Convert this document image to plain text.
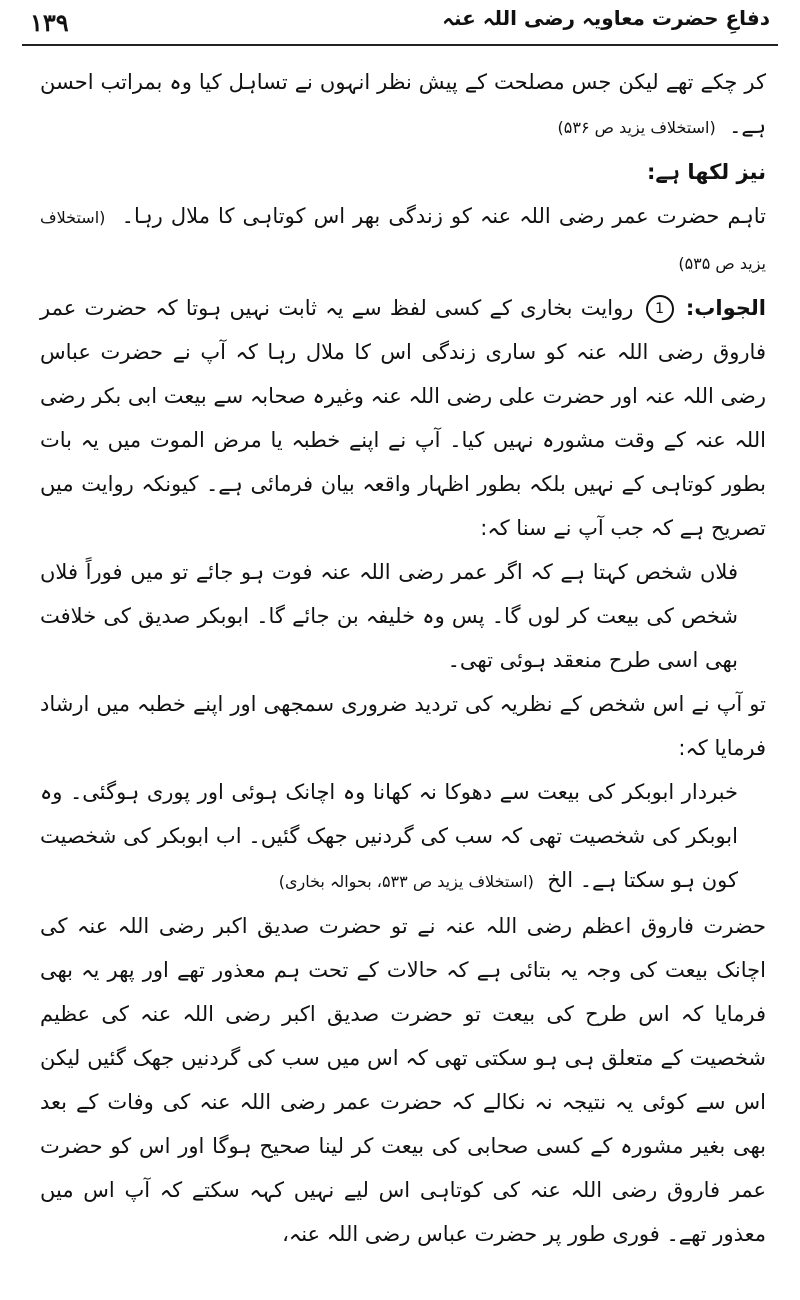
۱۳۹	دفاعِ حضرت معاویہ رضی اللہ عنہ

کر چکے تھے لیکن جس مصلحت کے پیش نظر انہوں نے تساہل کیا وہ بمراتب احسن ہے۔  (استخلاف یزید ص ۵۳۶)

نیز لکھا ہے:

تاہم حضرت عمر رضی اللہ عنہ کو زندگی بھر اس کوتاہی کا ملال رہا۔  (استخلاف یزید ص ۵۳۵)

الجواب: 1 روایت بخاری کے کسی لفظ سے یہ ثابت نہیں ہوتا کہ حضرت عمر فاروق رضی اللہ عنہ کو ساری زندگی اس کا ملال رہا کہ آپ نے حضرت عباس رضی اللہ عنہ اور حضرت علی رضی اللہ عنہ وغیرہ صحابہ سے بیعت ابی بکر رضی اللہ عنہ کے وقت مشورہ نہیں کیا۔ آپ نے اپنے خطبہ یا مرض الموت میں یہ بات بطور کوتاہی کے نہیں بلکہ بطور اظہار واقعہ بیان فرمائی ہے۔ کیونکہ روایت میں تصریح ہے کہ جب آپ نے سنا کہ:

فلاں شخص کہتا ہے کہ اگر عمر رضی اللہ عنہ فوت ہو جائے تو میں فوراً فلاں شخص کی بیعت کر لوں گا۔ پس وہ خلیفہ بن جائے گا۔ ابوبکر صدیق کی خلافت بھی اسی طرح منعقد ہوئی تھی۔

تو آپ نے اس شخص کے نظریہ کی تردید ضروری سمجھی اور اپنے خطبہ میں ارشاد فرمایا کہ:

خبردار ابوبکر کی بیعت سے دھوکا نہ کھانا وہ اچانک ہوئی اور پوری ہوگئی۔ وہ ابوبکر کی شخصیت تھی کہ سب کی گردنیں جھک گئیں۔ اب ابوبکر کی شخصیت کون ہو سکتا ہے۔ الخ  (استخلاف یزید ص ۵۳۳، بحوالہ بخاری)

حضرت فاروق اعظم رضی اللہ عنہ نے تو حضرت صدیق اکبر رضی اللہ عنہ کی اچانک بیعت کی وجہ یہ بتائی ہے کہ حالات کے تحت ہم معذور تھے اور پھر یہ بھی فرمایا کہ اس طرح کی بیعت تو حضرت صدیق اکبر رضی اللہ عنہ کی عظیم شخصیت کے متعلق ہی ہو سکتی تھی کہ اس میں سب کی گردنیں جھک گئیں لیکن اس سے کوئی یہ نتیجہ نہ نکالے کہ حضرت عمر رضی اللہ عنہ کی وفات کے بعد بھی بغیر مشورہ کے کسی صحابی کی بیعت کر لینا صحیح ہوگا اور اس کو حضرت عمر فاروق رضی اللہ عنہ کی کوتاہی اس لیے نہیں کہہ سکتے کہ آپ اس میں معذور تھے۔ فوری طور پر حضرت عباس رضی اللہ عنہ،
